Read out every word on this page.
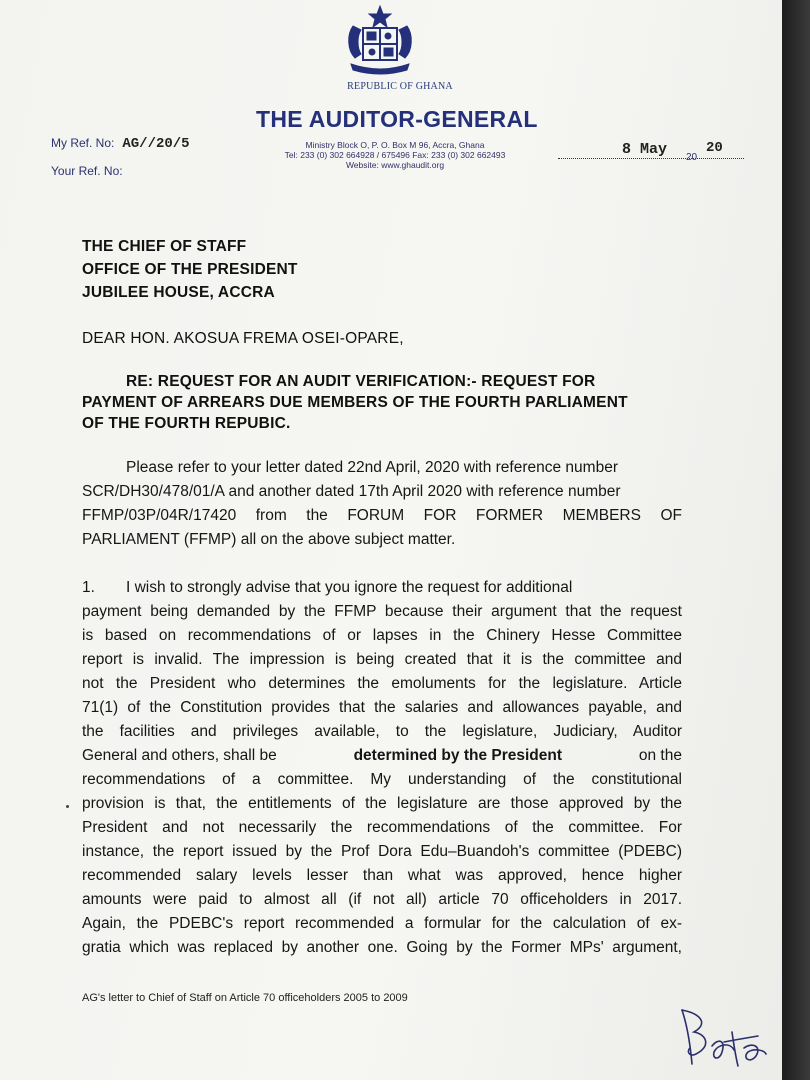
REPUBLIC OF GHANA
THE AUDITOR-GENERAL
Ministry Block O, P. O. Box M 96, Accra, Ghana
Tel: 233 (0) 302 664928 / 675496 Fax: 233 (0) 302 662493
Website: www.ghaudit.org
My Ref. No: AG//20/5
Your Ref. No:
8 May 20
20
THE CHIEF OF STAFF
OFFICE OF THE PRESIDENT
JUBILEE HOUSE, ACCRA
DEAR HON. AKOSUA FREMA OSEI-OPARE,
RE: REQUEST FOR AN AUDIT VERIFICATION:- REQUEST FOR
PAYMENT OF ARREARS DUE MEMBERS OF THE FOURTH PARLIAMENT
OF THE FOURTH REPUBIC.
Please refer to your letter dated 22nd April, 2020 with reference number
SCR/DH30/478/01/A and another dated 17th April 2020 with reference number
FFMP/03P/04R/17420 from the FORUM FOR FORMER MEMBERS OF
PARLIAMENT (FFMP) all on the above subject matter.
1. I wish to strongly advise that you ignore the request for additional
payment being demanded by the FFMP because their argument that the request
is based on recommendations of or lapses in the Chinery Hesse Committee
report is invalid. The impression is being created that it is the committee and
not the President who determines the emoluments for the legislature. Article
71(1) of the Constitution provides that the salaries and allowances payable, and
the facilities and privileges available, to the legislature, Judiciary, Auditor
General and others, shall be	determined by the President	on the
recommendations of a committee. My understanding of the constitutional
provision is that, the entitlements of the legislature are those approved by the
President and not necessarily the recommendations of the committee. For
instance, the report issued by the Prof Dora Edu–Buandoh's committee (PDEBC)
recommended salary levels lesser than what was approved, hence higher
amounts were paid to almost all (if not all) article 70 officeholders in 2017.
Again, the PDEBC's report recommended a formular for the calculation of ex-
gratia which was replaced by another one. Going by the Former MPs' argument,
AG's letter to Chief of Staff on Article 70 officeholders 2005 to 2009
